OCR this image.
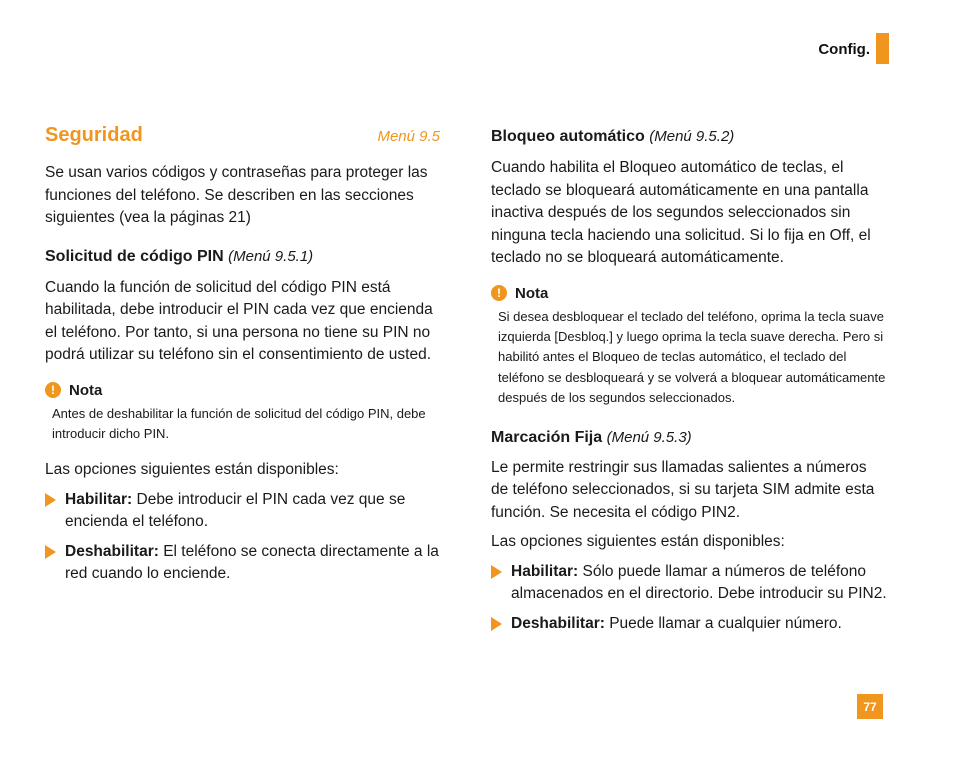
Config.
Seguridad	Menú 9.5

Se usan varios códigos y contraseñas para proteger las funciones del teléfono. Se describen en las secciones siguientes (vea la páginas 21)

Solicitud de código PIN (Menú 9.5.1)

Cuando la función de solicitud del código PIN está habilitada, debe introducir el PIN cada vez que encienda el teléfono. Por tanto, si una persona no tiene su PIN no podrá utilizar su teléfono sin el consentimiento de usted.

! Nota

Antes de deshabilitar la función de solicitud del código PIN, debe introducir dicho PIN.

Las opciones siguientes están disponibles:

Habilitar: Debe introducir el PIN cada vez que se encienda el teléfono.
Deshabilitar: El teléfono se conecta directamente a la red cuando lo enciende.
Bloqueo automático (Menú 9.5.2)

Cuando habilita el Bloqueo automático de teclas, el teclado se bloqueará automáticamente en una pantalla inactiva después de los segundos seleccionados sin ninguna tecla haciendo una solicitud. Si lo fija en Off, el teclado no se bloqueará automáticamente.

! Nota

Si desea desbloquear el teclado del teléfono, oprima la tecla suave izquierda [Desbloq.] y luego oprima la tecla suave derecha. Pero si habilitó antes el Bloqueo de teclas automático, el teclado del teléfono se desbloqueará y se volverá a bloquear automáticamente después de los segundos seleccionados.

Marcación Fija (Menú 9.5.3)

Le permite restringir sus llamadas salientes a números de teléfono seleccionados, si su tarjeta SIM admite esta función. Se necesita el código PIN2.

Las opciones siguientes están disponibles:

Habilitar: Sólo puede llamar a números de teléfono almacenados en el directorio. Debe introducir su PIN2.
Deshabilitar: Puede llamar a cualquier número.
77
